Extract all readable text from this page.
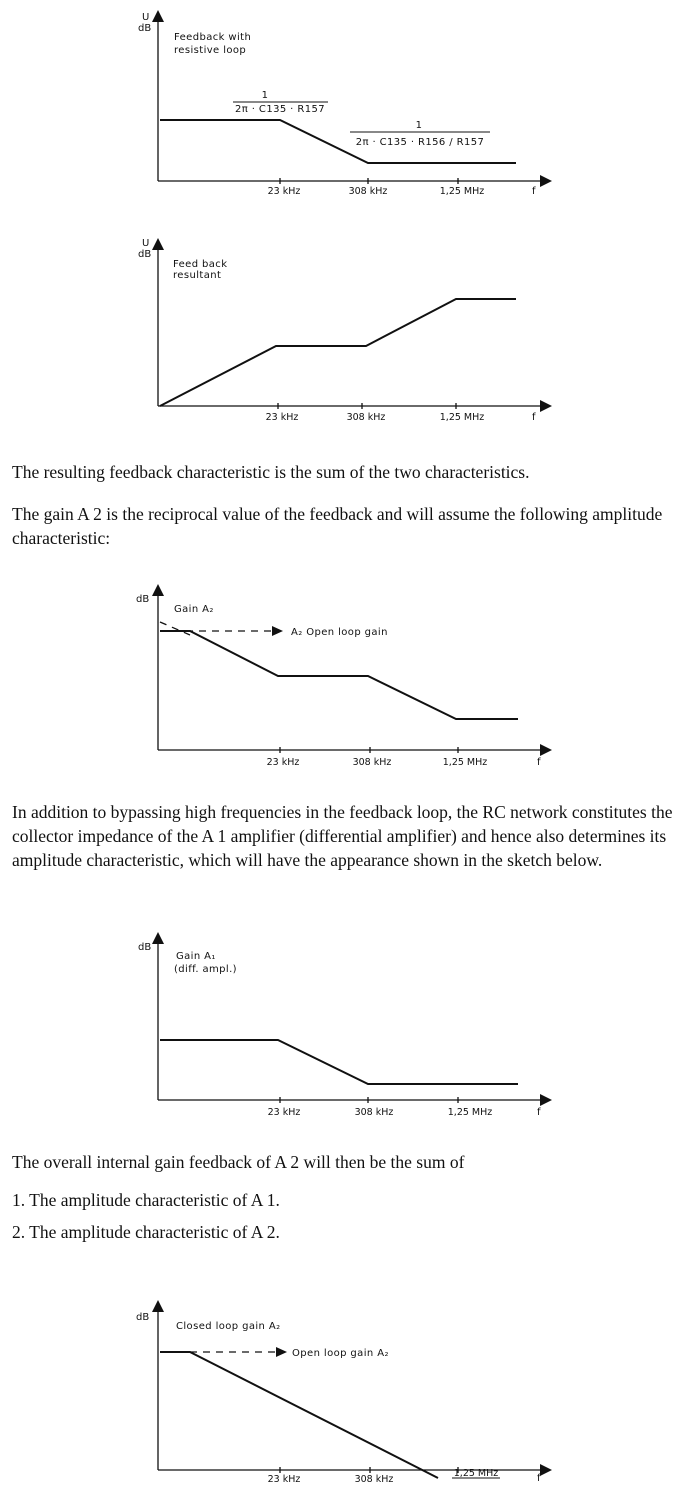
U
dB
Feedback with
resistive loop
1
2π · C135 · R157
1
2π · C135 · R156 / R157
23 kHz	308 kHz	1,25 MHz	f
U
dB
Feed back
resultant
23 kHz	308 kHz	1,25 MHz	f

The resulting feedback characteristic is the sum of the two characteristics.

The gain A 2 is the reciprocal value of the feedback and will assume the following amplitude characteristic:

dB
Gain A₂
A₂ Open loop gain
23 kHz	308 kHz	1,25 MHz	f

In addition to bypassing high frequencies in the feedback loop, the RC network constitutes the collector impedance of the A 1 amplifier (differential amplifier) and hence also determines its amplitude characteristic, which will have the appearance shown in the sketch below.

dB
Gain A₁
(diff. ampl.)
23 kHz	308 kHz	1,25 MHz	f

The overall internal gain feedback of A 2 will then be the sum of

1. The amplitude characteristic of A 1.

2. The amplitude characteristic of A 2.

dB
Closed loop gain A₂
Open loop gain A₂
23 kHz	308 kHz
1,25 MHz	f
